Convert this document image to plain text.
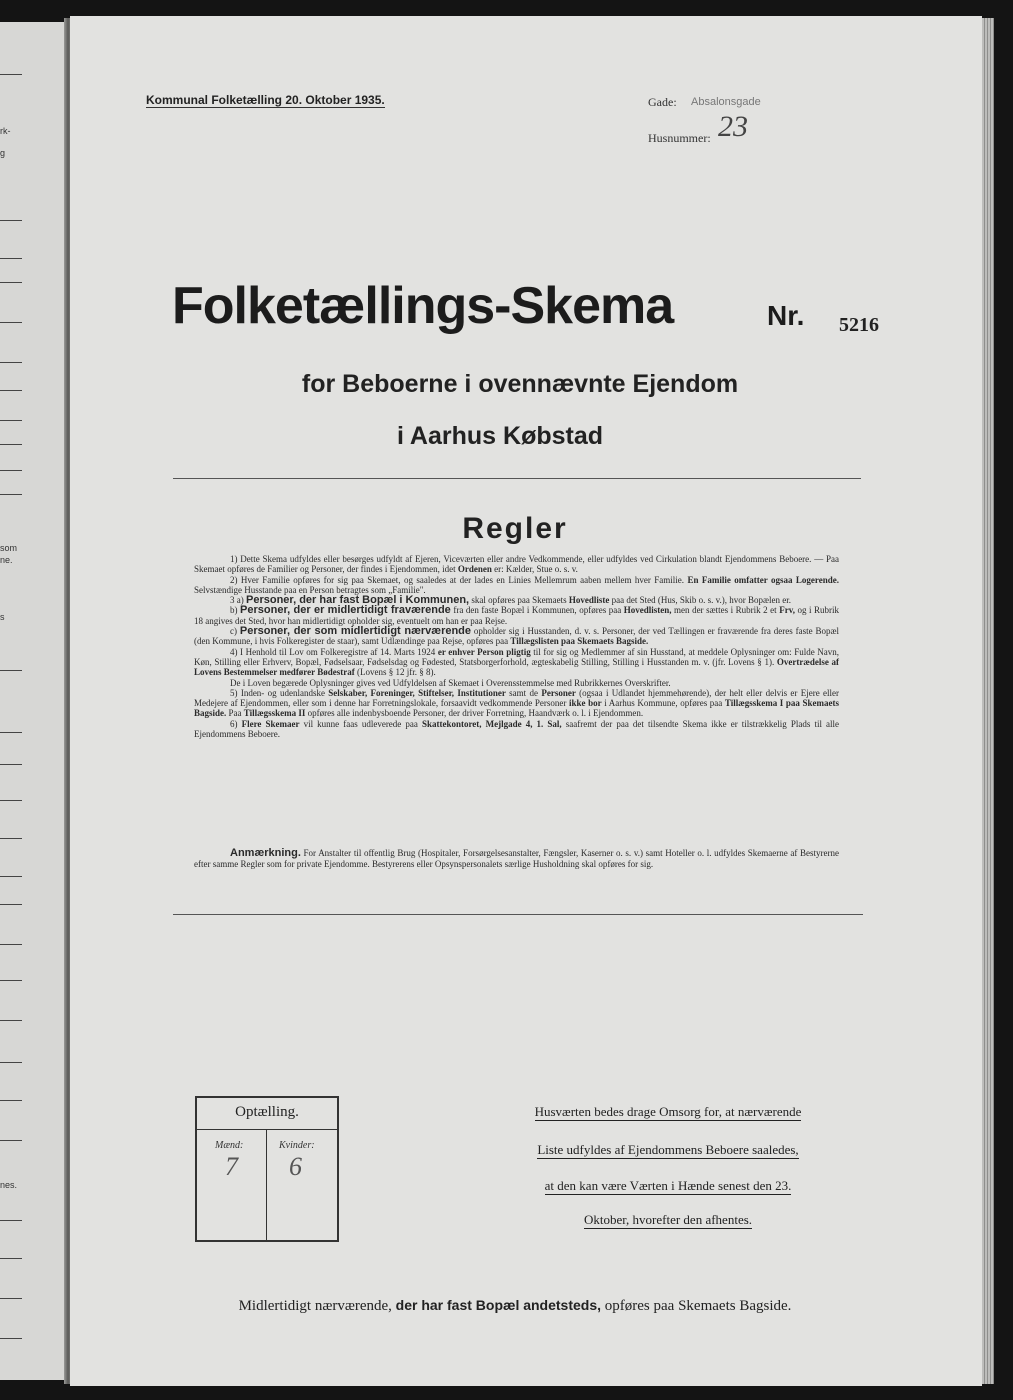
rk-
g
som
ne.
s
nes.
Kommunal Folketælling 20. Oktober 1935.	Gade: Absalonsgade
Husnummer: 23
Folketællings-Skema	Nr. 5216
for Beboerne i ovennævnte Ejendom
i Aarhus Købstad
Regler

1) Dette Skema udfyldes eller besørges udfyldt af Ejeren, Viceværten eller andre Vedkommende, eller udfyldes ved Cirkulation blandt Ejendommens Beboere. — Paa Skemaet opføres de Familier og Personer, der findes i Ejendommen, idet Ordenen er: Kælder, Stue o. s. v.

2) Hver Familie opføres for sig paa Skemaet, og saaledes at der lades en Linies Mellemrum aaben mellem hver Familie. En Familie omfatter ogsaa Logerende. Selvstændige Husstande paa en Person betragtes som „Familie".

3 a) Personer, der har fast Bopæl i Kommunen, skal opføres paa Skemaets Hovedliste paa det Sted (Hus, Skib o. s. v.), hvor Bopælen er.

b) Personer, der er midlertidigt fraværende fra den faste Bopæl i Kommunen, opføres paa Hovedlisten, men der sættes i Rubrik 2 et Frv, og i Rubrik 18 angives det Sted, hvor han midlertidigt opholder sig, eventuelt om han er paa Rejse.

c) Personer, der som midlertidigt nærværende opholder sig i Husstanden, d. v. s. Personer, der ved Tællingen er fraværende fra deres faste Bopæl (den Kommune, i hvis Folkeregister de staar), samt Udlændinge paa Rejse, opføres paa Tillægslisten paa Skemaets Bagside.

4) I Henhold til Lov om Folkeregistre af 14. Marts 1924 er enhver Person pligtig til for sig og Medlemmer af sin Husstand, at meddele Oplysninger om: Fulde Navn, Køn, Stilling eller Erhverv, Bopæl, Fødselsaar, Fødselsdag og Fødested, Statsborgerforhold, ægteskabelig Stilling, Stilling i Husstanden m. v. (jfr. Lovens § 1). Overtrædelse af Lovens Bestemmelser medfører Bødestraf (Lovens § 12 jfr. § 8).

De i Loven begærede Oplysninger gives ved Udfyldelsen af Skemaet i Overensstemmelse med Rubrikkernes Overskrifter.

5) Inden- og udenlandske Selskaber, Foreninger, Stiftelser, Institutioner samt de Personer (ogsaa i Udlandet hjemmehørende), der helt eller delvis er Ejere eller Medejere af Ejendommen, eller som i denne har Forretningslokale, forsaavidt vedkommende Personer ikke bor i Aarhus Kommune, opføres paa Tillægsskema I paa Skemaets Bagside. Paa Tillægsskema II opføres alle indenbysboende Personer, der driver Forretning, Haandværk o. l. i Ejendommen.

6) Flere Skemaer vil kunne faas udleverede paa Skattekontoret, Mejlgade 4, 1. Sal, saafremt der paa det tilsendte Skema ikke er tilstrækkelig Plads til alle Ejendommens Beboere.

Anmærkning. For Anstalter til offentlig Brug (Hospitaler, Forsørgelsesanstalter, Fængsler, Kaserner o. s. v.) samt Hoteller o. l. udfyldes Skemaerne af Bestyrerne efter samme Regler som for private Ejendomme. Bestyrerens eller Opsynspersonalets særlige Husholdning skal opføres for sig.

Optælling.
Mænd:
7
Kvinder:
6
Husværten bedes drage Omsorg for, at nærværende
Liste udfyldes af Ejendommens Beboere saaledes,
at den kan være Værten i Hænde senest den 23.
Oktober, hvorefter den afhentes.
Midlertidigt nærværende, der har fast Bopæl andetsteds, opføres paa Skemaets Bagside.
